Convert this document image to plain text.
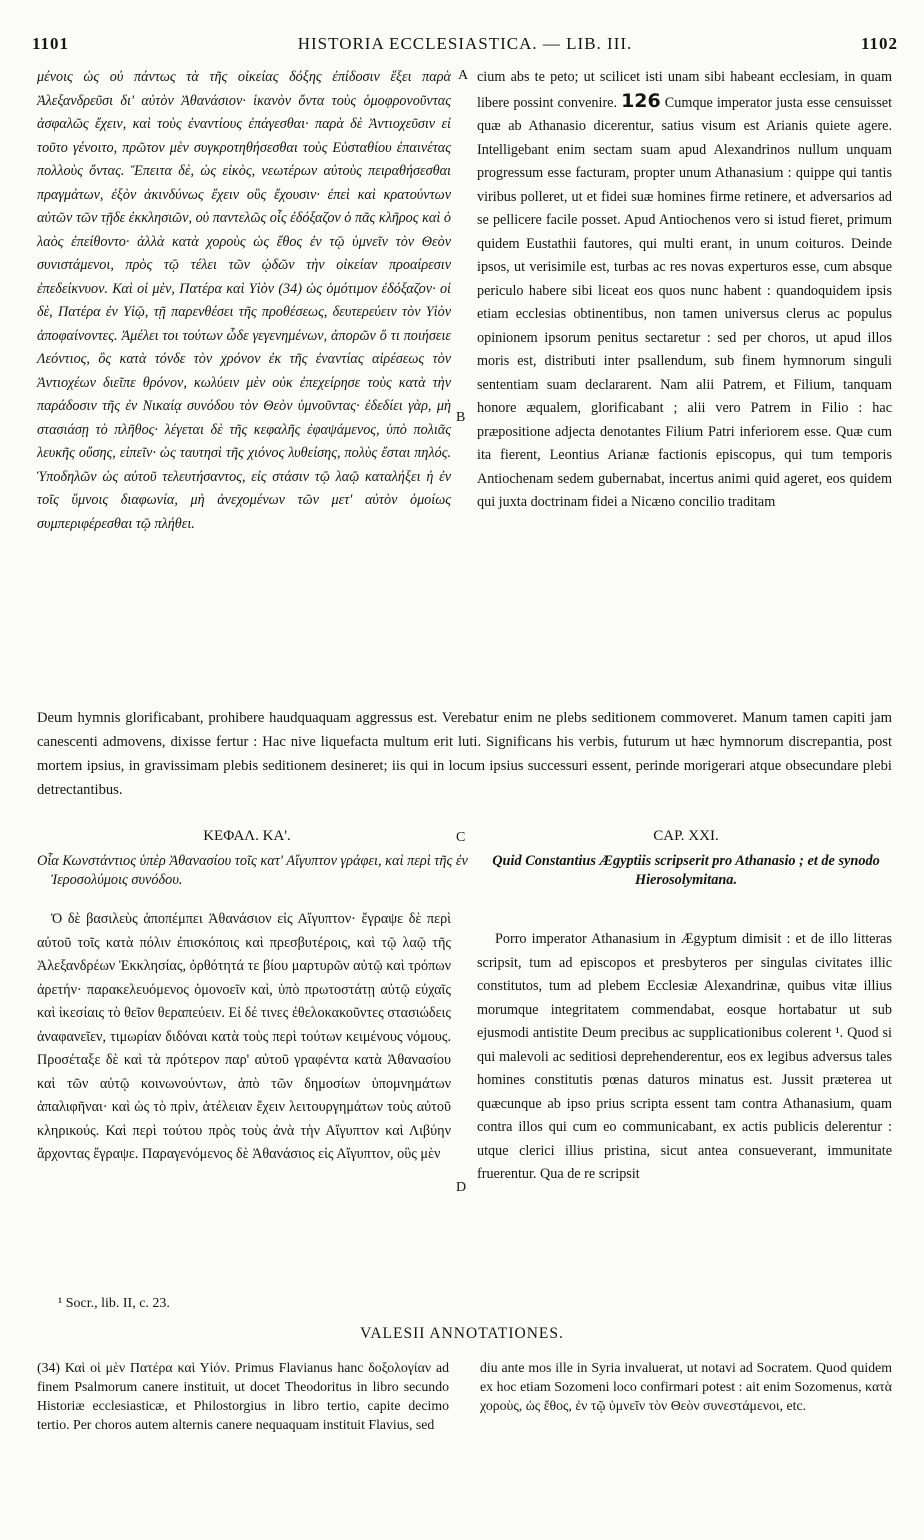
1101	HISTORIA ECCLESIASTICA. — LIB. III.	1102

μένοις ὡς οὐ πάντως τὰ τῆς οἰκείας δόξης ἐπίδοσιν ἕξει παρὰ Ἀλεξανδρεῦσι δι' αὐτὸν Ἀθανάσιον· ἱκανὸν ὄντα τοὺς ὁμοφρονοῦντας ἀσφαλῶς ἔχειν, καὶ τοὺς ἐναντίους ἐπάγεσθαι· παρὰ δὲ Ἀντιοχεῦσιν εἰ τοῦτο γένοιτο, πρῶτον μὲν συγκροτηθήσεσθαι τοὺς Εὐσταθίου ἐπαινέτας πολλοὺς ὄντας. Ἔπειτα δὲ, ὡς εἰκὸς, νεωτέρων αὐτοὺς πειραθήσεσθαι πραγμάτων, ἐξὸν ἀκινδύνως ἔχειν οὓς ἔχουσιν· ἐπεὶ καὶ κρατούντων αὐτῶν τῶν τῇδε ἐκκλησιῶν, οὐ παντελῶς οἷς ἐδόξαζον ὁ πᾶς κλῆρος καὶ ὁ λαὸς ἐπείθοντο· ἀλλὰ κατὰ χοροὺς ὡς ἔθος ἐν τῷ ὑμνεῖν τὸν Θεὸν συνιστάμενοι, πρὸς τῷ τέλει τῶν ᾠδῶν τὴν οἰκείαν προαίρεσιν ἐπεδείκνυον. Καὶ οἱ μὲν, Πατέρα καὶ Υἱὸν (34) ὡς ὁμότιμον ἐδόξαζον· οἱ δὲ, Πατέρα ἐν Υἱῷ, τῇ παρενθέσει τῆς προθέσεως, δευτερεύειν τὸν Υἱὸν ἀποφαίνοντες. Ἀμέλει τοι τούτων ὧδε γεγενημένων, ἀπορῶν ὅ τι ποιήσειε Λεόντιος, ὃς κατὰ τόνδε τὸν χρόνον ἐκ τῆς ἐναντίας αἱρέσεως τὸν Ἀντιοχέων διεῖπε θρόνον, κωλύειν μὲν οὐκ ἐπεχείρησε τοὺς κατὰ τὴν παράδοσιν τῆς ἐν Νικαίᾳ συνόδου τὸν Θεὸν ὑμνοῦντας· ἐδεδίει γὰρ, μὴ στασιάσῃ τὸ πλῆθος· λέγεται δὲ τῆς κεφαλῆς ἐφαψάμενος, ὑπὸ πολιᾶς λευκῆς οὔσης, εἰπεῖν· ὡς ταυτησὶ τῆς χιόνος λυθείσης, πολὺς ἔσται πηλός. Ὑποδηλῶν ὡς αὐτοῦ τελευτήσαντος, εἰς στάσιν τῷ λαῷ καταλήξει ἡ ἐν τοῖς ὕμνοις διαφωνία, μὴ ἀνεχομένων τῶν μετ' αὐτὸν ὁμοίως συμπεριφέρεσθαι τῷ πλήθει.

A
B

cium abs te peto; ut scilicet isti unam sibi habeant ecclesiam, in quam libere possint convenire. 126 Cumque imperator justa esse censuisset quæ ab Athanasio dicerentur, satius visum est Arianis quiete agere. Intelligebant enim sectam suam apud Alexandrinos nullum unquam progressum esse facturam, propter unum Athanasium : quippe qui tantis viribus polleret, ut et fidei suæ homines firme retinere, et adversarios ad se pellicere facile posset. Apud Antiochenos vero si istud fieret, primum quidem Eustathii fautores, qui multi erant, in unum coituros. Deinde ipsos, ut verisimile est, turbas ac res novas experturos esse, cum absque periculo habere sibi liceat eos quos nunc habent : quandoquidem ipsis etiam ecclesias obtinentibus, non tamen universus clerus ac populus opinionem ipsorum penitus sectaretur : sed per choros, ut apud illos moris est, distributi inter psallendum, sub finem hymnorum singuli sententiam suam declararent. Nam alii Patrem, et Filium, tanquam honore æqualem, glorificabant ; alii vero Patrem in Filio : hac præpositione adjecta denotantes Filium Patri inferiorem esse. Quæ cum ita fierent, Leontius Arianæ factionis episcopus, qui tum temporis Antiochenam sedem gubernabat, incertus animi quid ageret, eos quidem qui juxta doctrinam fidei a Nicæno concilio traditam

Deum hymnis glorificabant, prohibere haudquaquam aggressus est. Verebatur enim ne plebs seditionem commoveret. Manum tamen capiti jam canescenti admovens, dixisse fertur : Hac nive liquefacta multum erit luti. Significans his verbis, futurum ut hæc hymnorum discrepantia, post mortem ipsius, in gravissimam plebis seditionem desineret; iis qui in locum ipsius successuri essent, perinde morigerari atque obsecundare plebi detrectantibus.
ΚΕΦΑΛ. ΚΑ'.	C	CAP. XXI.
Οἷα Κωνστάντιος ὑπὲρ Ἀθανασίου τοῖς κατ' Αἴγυπτον γράφει, καὶ περὶ τῆς ἐν Ἱεροσολύμοις συνόδου.
Quid Constantius Ægyptiis scripserit pro Athanasio ; et de synodo Hierosolymitana.

Ὁ δὲ βασιλεὺς ἀποπέμπει Ἀθανάσιον εἰς Αἴγυπτον· ἔγραψε δὲ περὶ αὐτοῦ τοῖς κατὰ πόλιν ἐπισκόποις καὶ πρεσβυτέροις, καὶ τῷ λαῷ τῆς Ἀλεξανδρέων Ἐκκλησίας, ὀρθότητά τε βίου μαρτυρῶν αὐτῷ καὶ τρόπων ἀρετήν· παρακελευόμενος ὁμονοεῖν καὶ, ὑπὸ πρωτοστάτῃ αὐτῷ εὐχαῖς καὶ ἱκεσίαις τὸ θεῖον θεραπεύειν. Εἰ δέ τινες ἐθελοκακοῦντες στασιώδεις ἀναφανεῖεν, τιμωρίαν διδόναι κατὰ τοὺς περὶ τούτων κειμένους νόμους. Προσέταξε δὲ καὶ τὰ πρότερον παρ' αὐτοῦ γραφέντα κατὰ Ἀθανασίου καὶ τῶν αὐτῷ κοινωνούντων, ἀπὸ τῶν δημοσίων ὑπομνημάτων ἀπαλιφῆναι· καὶ ὡς τὸ πρὶν, ἀτέλειαν ἔχειν λειτουργημάτων τοὺς αὐτοῦ κληρικούς. Καὶ περὶ τούτου πρὸς τοὺς ἀνὰ τὴν Αἴγυπτον καὶ Λιβύην ἄρχοντας ἔγραψε. Παραγενόμενος δὲ Ἀθανάσιος εἰς Αἴγυπτον, οὓς μὲν

D

Porro imperator Athanasium in Ægyptum dimisit : et de illo litteras scripsit, tum ad episcopos et presbyteros per singulas civitates illic constitutos, tum ad plebem Ecclesiæ Alexandrinæ, quibus vitæ illius morumque integritatem commendabat, eosque hortabatur ut sub ejusmodi antistite Deum precibus ac supplicationibus colerent ¹. Quod si qui malevoli ac seditiosi deprehenderentur, eos ex legibus adversus tales homines constitutis pœnas daturos minatus est. Jussit præterea ut quæcunque ab ipso prius scripta essent tam contra Athanasium, quam contra illos qui cum eo communicabant, ex actis publicis delerentur : utque clerici illius pristina, sicut antea consueverant, immunitate fruerentur. Qua de re scripsit

¹ Socr., lib. II, c. 23.
VALESII ANNOTATIONES.
(34) Καὶ οἱ μὲν Πατέρα καὶ Υἱόν. Primus Flavianus hanc δοξολογίαν ad finem Psalmorum canere instituit, ut docet Theodoritus in libro secundo Historiæ ecclesiasticæ, et Philostorgius in libro tertio, capite decimo tertio. Per choros autem alternis canere nequaquam instituit Flavius, sed
diu ante mos ille in Syria invaluerat, ut notavi ad Socratem. Quod quidem ex hoc etiam Sozomeni loco confirmari potest : ait enim Sozomenus, κατὰ χοροὺς, ὡς ἔθος, ἐν τῷ ὑμνεῖν τὸν Θεὸν συνεστάμενοι, etc.
